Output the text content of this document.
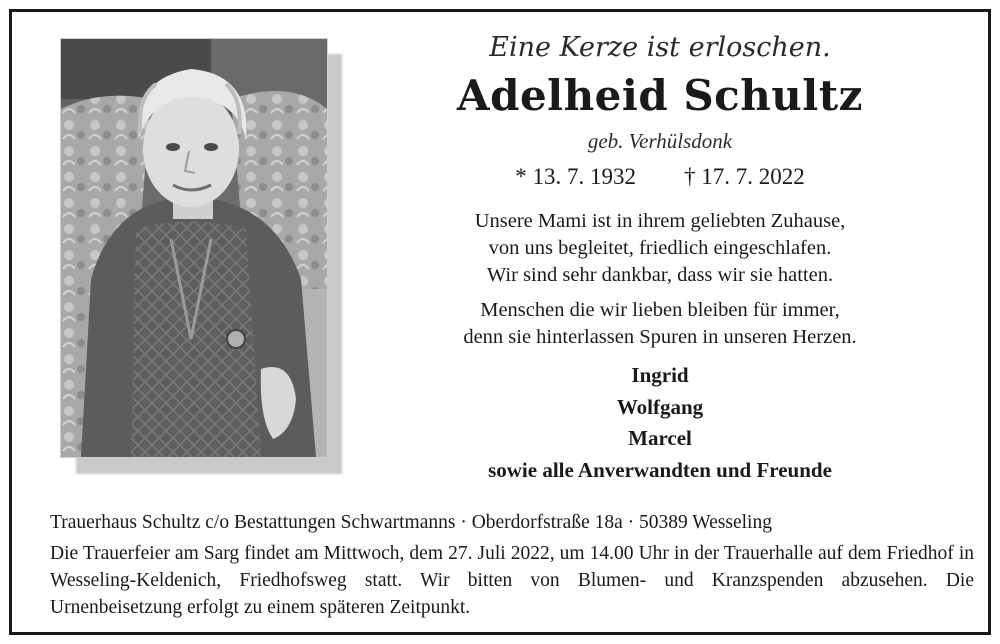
Eine Kerze ist erloschen.

Adelheid Schultz

geb. Verhülsdonk

* 13. 7. 1932 † 17. 7. 2022

Unsere Mami ist in ihrem geliebten Zuhause,
von uns begleitet, friedlich eingeschlafen.
Wir sind sehr dankbar, dass wir sie hatten.
Menschen die wir lieben bleiben für immer,
denn sie hinterlassen Spuren in unseren Herzen.
Ingrid
Wolfgang
Marcel
sowie alle Anverwandten und Freunde
Trauerhaus Schultz c/o Bestattungen Schwartmanns · Oberdorfstraße 18a · 50389 Wesseling
Die Trauerfeier am Sarg findet am Mittwoch, dem 27. Juli 2022, um 14.00 Uhr in der Trauerhalle auf dem Friedhof in Wesseling-Keldenich, Friedhofsweg statt. Wir bitten von Blumen- und Kranzspenden abzusehen. Die Urnenbeisetzung erfolgt zu einem späteren Zeitpunkt.
